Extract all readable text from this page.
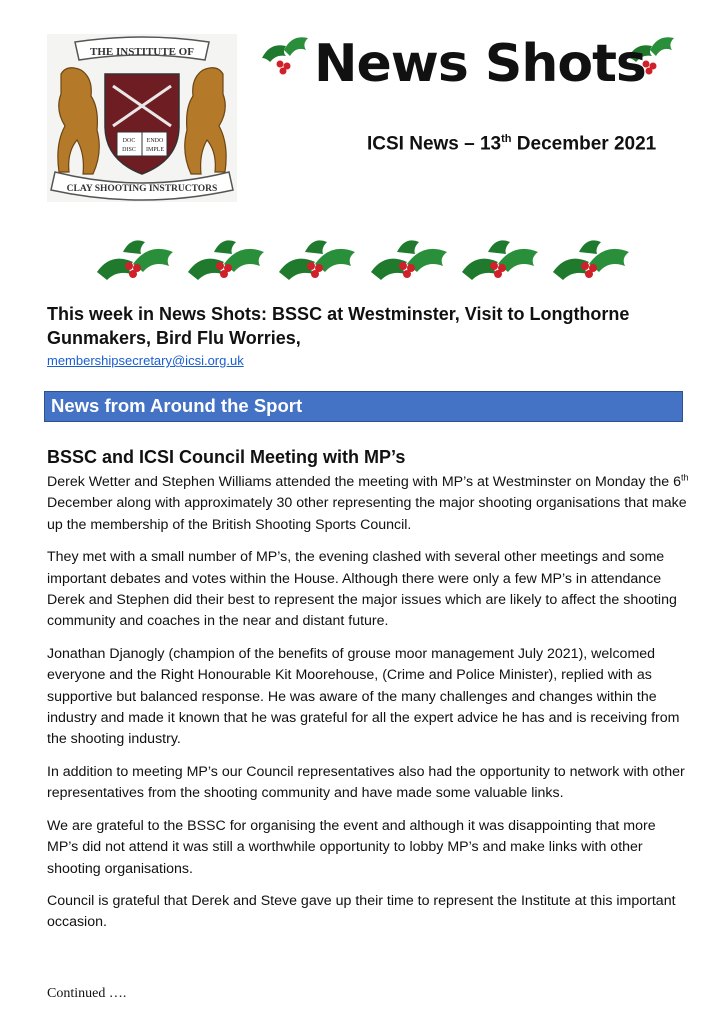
THE INSTITUTE OF
DOC
DISC
ENDO
IMPLE
CLAY SHOOTING INSTRUCTORS
News Shots
ICSI News – 13th December 2021
This week in News Shots: BSSC at Westminster, Visit to Longthorne Gunmakers, Bird Flu Worries,
membershipsecretary@icsi.org.uk
News from Around the Sport
BSSC and ICSI Council Meeting with MP’s

Derek Wetter and Stephen Williams attended the meeting with MP’s at Westminster on Monday the 6th December along with approximately 30 other representing the major shooting organisations that make up the membership of the British Shooting Sports Council.

They met with a small number of MP’s, the evening clashed with several other meetings and some important debates and votes within the House. Although there were only a few MP’s in attendance Derek and Stephen did their best to represent the major issues which are likely to affect the shooting community and coaches in the near and distant future.

Jonathan Djanogly (champion of the benefits of grouse moor management July 2021), welcomed everyone and the Right Honourable Kit Moorehouse, (Crime and Police Minister), replied with as supportive but balanced response. He was aware of the many challenges and changes within the industry and made it known that he was grateful for all the expert advice he has and is receiving from the shooting industry.

In addition to meeting MP’s our Council representatives also had the opportunity to network with other representatives from the shooting community and have made some valuable links.

We are grateful to the BSSC for organising the event and although it was disappointing that more MP’s did not attend it was still a worthwhile opportunity to lobby MP’s and make links with other shooting organisations.

Council is grateful that Derek and Steve gave up their time to represent the Institute at this important occasion.

Continued ….
